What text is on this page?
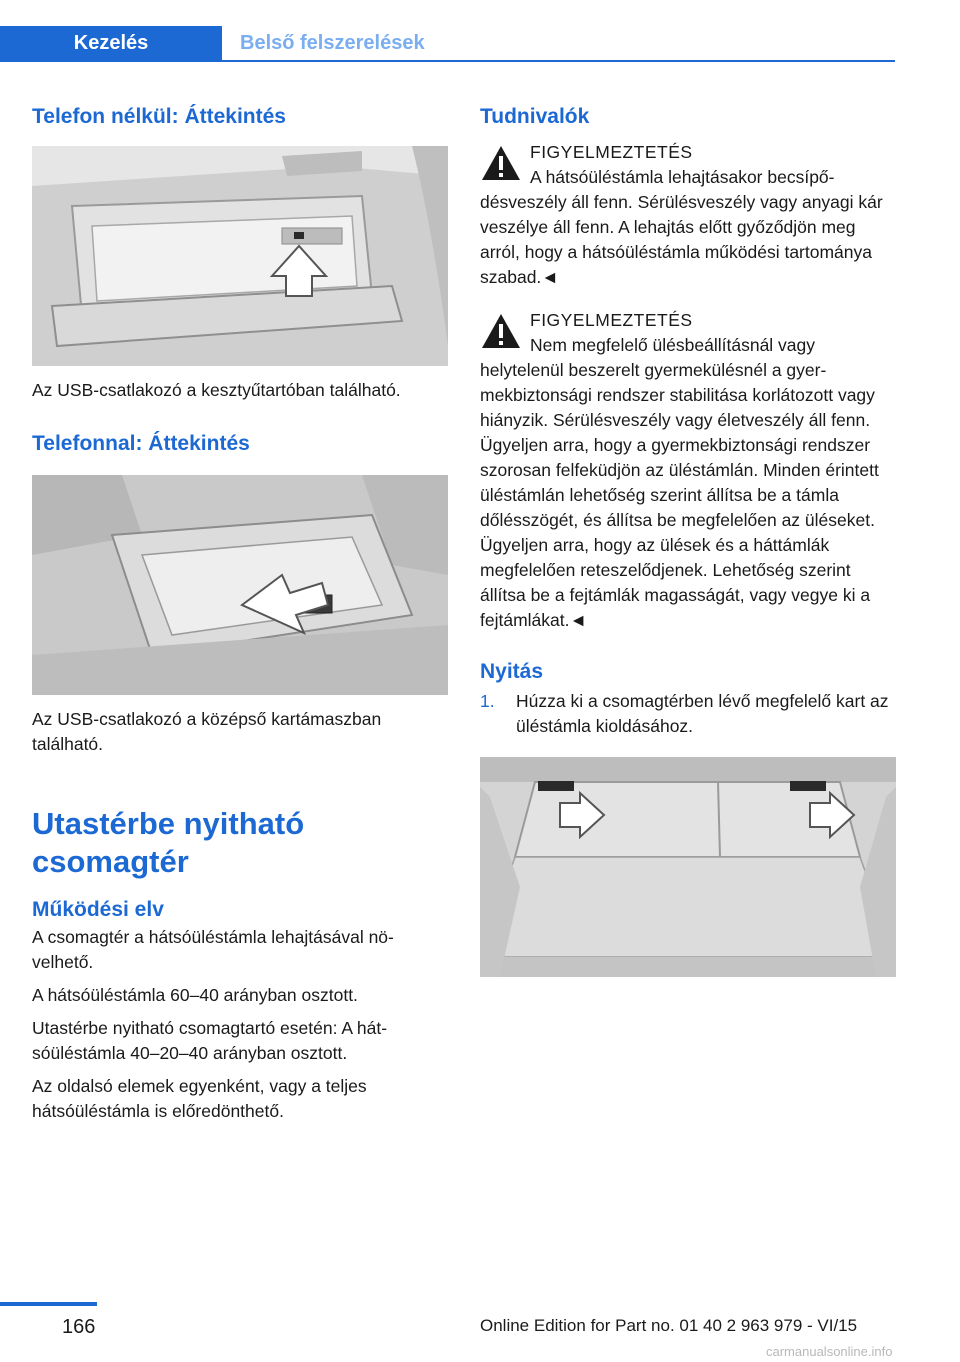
Kezelés	Belső felszerelések
Telefon nélkül: Áttekintés

Az USB-csatlakozó a kesztyűtartóban található.

Telefonnal: Áttekintés

Az USB-csatlakozó a középső kartámaszban található.

Utastérbe nyitható
csomagtér
Működési elv

A csomagtér a hátsóüléstámla lehajtásával növelhető.

A hátsóüléstámla 60–40 arányban osztott.

Utastérbe nyitható csomagtartó esetén: A hátsóüléstámla 40–20–40 arányban osztott.

Az oldalsó elemek egyenként, vagy a teljes hátsóüléstámla is előredönthető.

Tudnivalók
FIGYELMEZTETÉS

A hátsóüléstámla lehajtásakor becsípődésveszély áll fenn. Sérülésveszély vagy anyagi kár veszélye áll fenn. A lehajtás előtt győződjön meg arról, hogy a hátsóüléstámla működési tartománya szabad.◄

FIGYELMEZTETÉS

Nem megfelelő ülésbeállításnál vagy helytelenül beszerelt gyermekülésnél a gyermekbiztonsági rendszer stabilitása korlátozott vagy hiányzik. Sérülésveszély vagy életveszély áll fenn. Ügyeljen arra, hogy a gyermekbiztonsági rendszer szorosan felfeküdjön az üléstámlán. Minden érintett üléstámlán lehetőség szerint állítsa be a támla dőlésszögét, és állítsa be megfelelően az üléseket. Ügyeljen arra, hogy az ülések és a háttámlák megfelelően reteszelődjenek. Lehetőség szerint állítsa be a fejtámlák magasságát, vagy vegye ki a fejtámlákat.◄

Nyitás
1.	Húzza ki a csomagtérben lévő megfelelő kart az üléstámla kioldásához.
166	Online Edition for Part no. 01 40 2 963 979 - VI/15
carmanualsonline.info
